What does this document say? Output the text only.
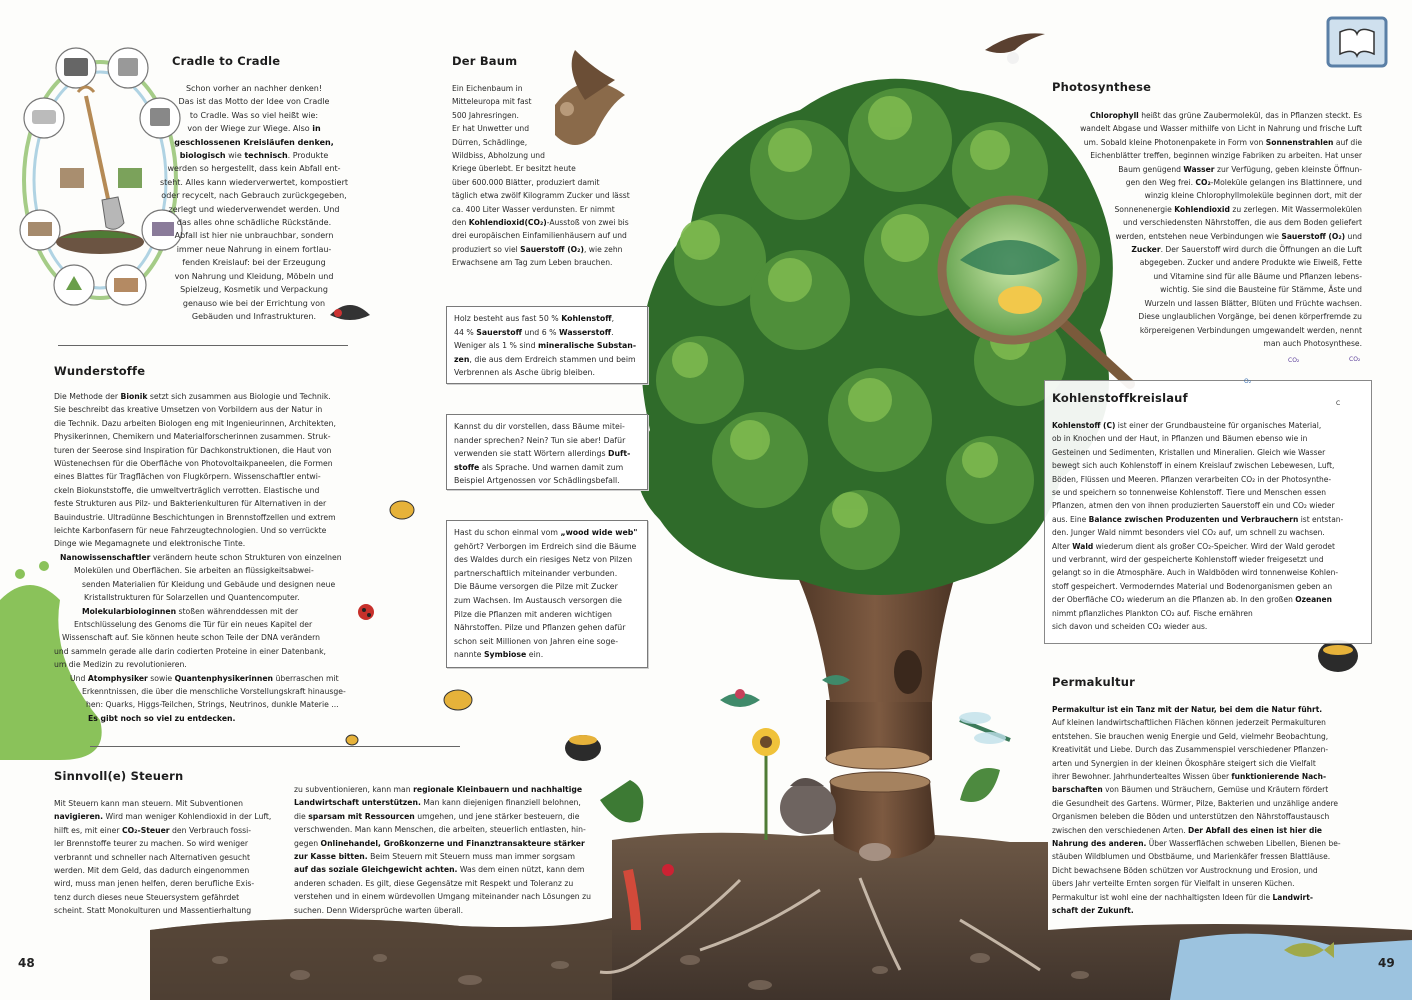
Cradle to Cradle

Schon vorher an nachher denken!

Das ist das Motto der Idee von Cradle

to Cradle. Was so viel heißt wie:

von der Wiege zur Wiege. Also in

geschlossenen Kreisläufen denken,

biologisch wie technisch. Produkte

werden so hergestellt, dass kein Abfall ent-

steht. Alles kann wiederverwertet, kompostiert

oder recycelt, nach Gebrauch zurückgegeben,

zerlegt und wiederverwendet werden. Und

das alles ohne schädliche Rückstände.

Abfall ist hier nie unbrauchbar, sondern

immer neue Nahrung in einem fortlau-

fenden Kreislauf: bei der Erzeugung

von Nahrung und Kleidung, Möbeln und

Spielzeug, Kosmetik und Verpackung

genauso wie bei der Errichtung von

Gebäuden und Infrastrukturen.

Wunderstoffe

Die Methode der Bionik setzt sich zusammen aus Biologie und Technik.

Sie beschreibt das kreative Umsetzen von Vorbildern aus der Natur in

die Technik. Dazu arbeiten Biologen eng mit Ingenieurinnen, Architekten,

Physikerinnen, Chemikern und Materialforscherinnen zusammen. Struk-

turen der Seerose sind Inspiration für Dachkonstruktionen, die Haut von

Wüstenechsen für die Oberfläche von Photovoltaikpaneelen, die Formen

eines Blattes für Tragflächen von Flugkörpern. Wissenschaftler entwi-

ckeln Biokunststoffe, die umweltverträglich verrotten. Elastische und

feste Strukturen aus Pilz- und Bakterienkulturen für Alternativen in der

Bauindustrie. Ultradünne Beschichtungen in Brennstoffzellen und extrem

leichte Karbonfasern für neue Fahrzeugtechnologien. Und so verrückte

Dinge wie Megamagnete und elektronische Tinte.

Nanowissenschaftler verändern heute schon Strukturen von einzelnen

Molekülen und Oberflächen. Sie arbeiten an flüssigkeitsabwei-

senden Materialien für Kleidung und Gebäude und designen neue

Kristallstrukturen für Solarzellen und Quantencomputer.

Molekularbiologinnen stoßen währenddessen mit der

Entschlüsselung des Genoms die Tür für ein neues Kapitel der

Wissenschaft auf. Sie können heute schon Teile der DNA verändern

und sammeln gerade alle darin codierten Proteine in einer Datenbank,

um die Medizin zu revolutionieren.

Und Atomphysiker sowie Quantenphysikerinnen überraschen mit

Erkenntnissen, die über die menschliche Vorstellungskraft hinausge-

hen: Quarks, Higgs-Teilchen, Strings, Neutrinos, dunkle Materie ...

Es gibt noch so viel zu entdecken.

Sinnvoll(e) Steuern

Mit Steuern kann man steuern. Mit Subventionen

navigieren. Wird man weniger Kohlendioxid in der Luft,

hilft es, mit einer CO₂-Steuer den Verbrauch fossi-

ler Brennstoffe teurer zu machen. So wird weniger

verbrannt und schneller nach Alternativen gesucht

werden. Mit dem Geld, das dadurch eingenommen

wird, muss man jenen helfen, deren berufliche Exis-

tenz durch dieses neue Steuersystem gefährdet

scheint. Statt Monokulturen und Massentierhaltung

zu subventionieren, kann man regionale Kleinbauern und nachhaltige

Landwirtschaft unterstützen. Man kann diejenigen finanziell belohnen,

die sparsam mit Ressourcen umgehen, und jene stärker besteuern, die

verschwenden. Man kann Menschen, die arbeiten, steuerlich entlasten, hin-

gegen Onlinehandel, Großkonzerne und Finanztransakteure stärker

zur Kasse bitten. Beim Steuern mit Steuern muss man immer sorgsam

auf das soziale Gleichgewicht achten. Was dem einen nützt, kann dem

anderen schaden. Es gilt, diese Gegensätze mit Respekt und Toleranz zu

verstehen und in einem würdevollen Umgang miteinander nach Lösungen zu

suchen. Denn Widersprüche warten überall.

Der Baum

Ein Eichenbaum in

Mitteleuropa mit fast

500 Jahresringen.

Er hat Unwetter und

Dürren, Schädlinge,

Wildbiss, Abholzung und

Kriege überlebt. Er besitzt heute

über 600.000 Blätter, produziert damit

täglich etwa zwölf Kilogramm Zucker und lässt

ca. 400 Liter Wasser verdunsten. Er nimmt

den Kohlendioxid(CO₂)-Ausstoß von zwei bis

drei europäischen Einfamilienhäusern auf und

produziert so viel Sauerstoff (O₂), wie zehn

Erwachsene am Tag zum Leben brauchen.

Holz besteht aus fast 50 % Kohlenstoff,

44 % Sauerstoff und 6 % Wasserstoff.

Weniger als 1 % sind mineralische Substan-

zen, die aus dem Erdreich stammen und beim

Verbrennen als Asche übrig bleiben.

Kannst du dir vorstellen, dass Bäume mitei-

nander sprechen? Nein? Tun sie aber! Dafür

verwenden sie statt Wörtern allerdings Duft-

stoffe als Sprache. Und warnen damit zum

Beispiel Artgenossen vor Schädlingsbefall.

Hast du schon einmal vom „wood wide web"

gehört? Verborgen im Erdreich sind die Bäume

des Waldes durch ein riesiges Netz von Pilzen

partnerschaftlich miteinander verbunden.

Die Bäume versorgen die Pilze mit Zucker

zum Wachsen. Im Austausch versorgen die

Pilze die Pflanzen mit anderen wichtigen

Nährstoffen. Pilze und Pflanzen gehen dafür

schon seit Millionen von Jahren eine soge-

nannte Symbiose ein.

Photosynthese

Chlorophyll heißt das grüne Zaubermolekül, das in Pflanzen steckt. Es

wandelt Abgase und Wasser mithilfe von Licht in Nahrung und frische Luft

um. Sobald kleine Photonenpakete in Form von Sonnenstrahlen auf die

Eichenblätter treffen, beginnen winzige Fabriken zu arbeiten. Hat unser

Baum genügend Wasser zur Verfügung, geben kleinste Öffnun-

gen den Weg frei. CO₂-Moleküle gelangen ins Blattinnere, und

winzig kleine Chlorophyllmoleküle beginnen dort, mit der

Sonnenenergie Kohlendioxid zu zerlegen. Mit Wassermolekülen

und verschiedensten Nährstoffen, die aus dem Boden geliefert

werden, entstehen neue Verbindungen wie Sauerstoff (O₂) und

Zucker. Der Sauerstoff wird durch die Öffnungen an die Luft

abgegeben. Zucker und andere Produkte wie Eiweiß, Fette

und Vitamine sind für alle Bäume und Pflanzen lebens-

wichtig. Sie sind die Bausteine für Stämme, Äste und

Wurzeln und lassen Blätter, Blüten und Früchte wachsen.

Diese unglaublichen Vorgänge, bei denen körperfremde zu

körpereigenen Verbindungen umgewandelt werden, nennt

man auch Photosynthese.

CO₂	CO₂
O₂
C
Kohlenstoffkreislauf

Kohlenstoff (C) ist einer der Grundbausteine für organisches Material,

ob in Knochen und der Haut, in Pflanzen und Bäumen ebenso wie in

Gesteinen und Sedimenten, Kristallen und Mineralien. Gleich wie Wasser

bewegt sich auch Kohlenstoff in einem Kreislauf zwischen Lebewesen, Luft,

Böden, Flüssen und Meeren. Pflanzen verarbeiten CO₂ in der Photosynthe-

se und speichern so tonnenweise Kohlenstoff. Tiere und Menschen essen

Pflanzen, atmen den von ihnen produzierten Sauerstoff ein und CO₂ wieder

aus. Eine Balance zwischen Produzenten und Verbrauchern ist entstan-

den. Junger Wald nimmt besonders viel CO₂ auf, um schnell zu wachsen.

Alter Wald wiederum dient als großer CO₂-Speicher. Wird der Wald gerodet

und verbrannt, wird der gespeicherte Kohlenstoff wieder freigesetzt und

gelangt so in die Atmosphäre. Auch in Waldböden wird tonnenweise Kohlen-

stoff gespeichert. Vermoderndes Material und Bodenorganismen geben an

der Oberfläche CO₂ wiederum an die Pflanzen ab. In den großen Ozeanen

nimmt pflanzliches Plankton CO₂ auf. Fische ernähren

sich davon und scheiden CO₂ wieder aus.

Permakultur

Permakultur ist ein Tanz mit der Natur, bei dem die Natur führt.

Auf kleinen landwirtschaftlichen Flächen können jederzeit Permakulturen

entstehen. Sie brauchen wenig Energie und Geld, vielmehr Beobachtung,

Kreativität und Liebe. Durch das Zusammenspiel verschiedener Pflanzen-

arten und Synergien in der kleinen Ökosphäre steigert sich die Vielfalt

ihrer Bewohner. Jahrhundertealtes Wissen über funktionierende Nach-

barschaften von Bäumen und Sträuchern, Gemüse und Kräutern fördert

die Gesundheit des Gartens. Würmer, Pilze, Bakterien und unzählige andere

Organismen beleben die Böden und unterstützen den Nährstoffaustausch

zwischen den verschiedenen Arten. Der Abfall des einen ist hier die

Nahrung des anderen. Über Wasserflächen schweben Libellen, Bienen be-

stäuben Wildblumen und Obstbäume, und Marienkäfer fressen Blattläuse.

Dicht bewachsene Böden schützen vor Austrocknung und Erosion, und

übers Jahr verteilte Ernten sorgen für Vielfalt in unseren Küchen.

Permakultur ist wohl eine der nachhaltigsten Ideen für die Landwirt-

schaft der Zukunft.

48	49
